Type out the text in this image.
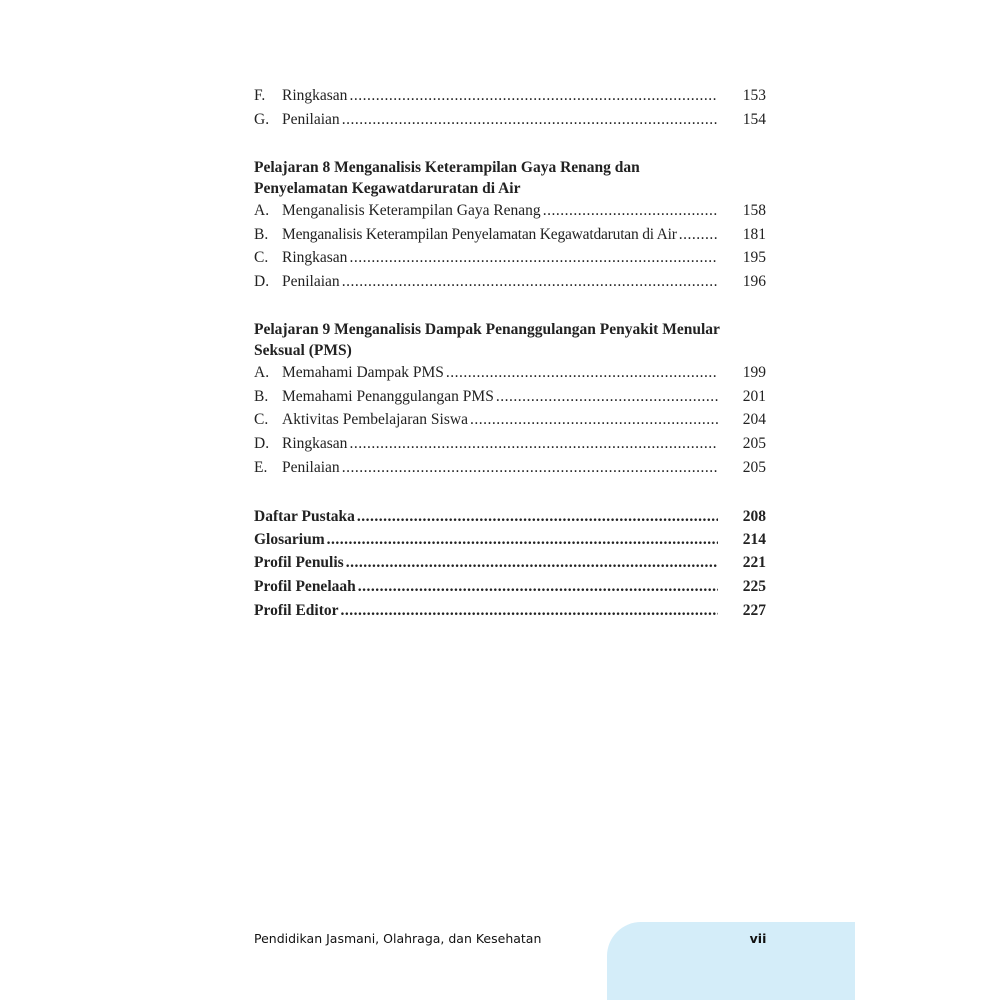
F.	Ringkasan .....	153
G. Penilaian .....	154
Pelajaran 8 Menganalisis Keterampilan Gaya Renang dan
Penyelamatan Kegawatdaruratan di Air
A. Menganalisis Keterampilan Gaya Renang .....	158
B. Menganalisis Keterampilan Penyelamatan Kegawatdarutan di Air .....	181
C. Ringkasan .....	195
D. Penilaian .....	196
Pelajaran 9 Menganalisis Dampak Penanggulangan Penyakit Menular
Seksual (PMS)
A. Memahami Dampak PMS .....	199
B. Memahami Penanggulangan PMS .....	201
C. Aktivitas Pembelajaran Siswa .....	204
D. Ringkasan .....	205
E. Penilaian .....	205
Daftar Pustaka .....	208
Glosarium .....	214
Profil Penulis .....	221
Profil Penelaah .....	225
Profil Editor .....	227
Pendidikan Jasmani, Olahraga, dan Kesehatan	vii
